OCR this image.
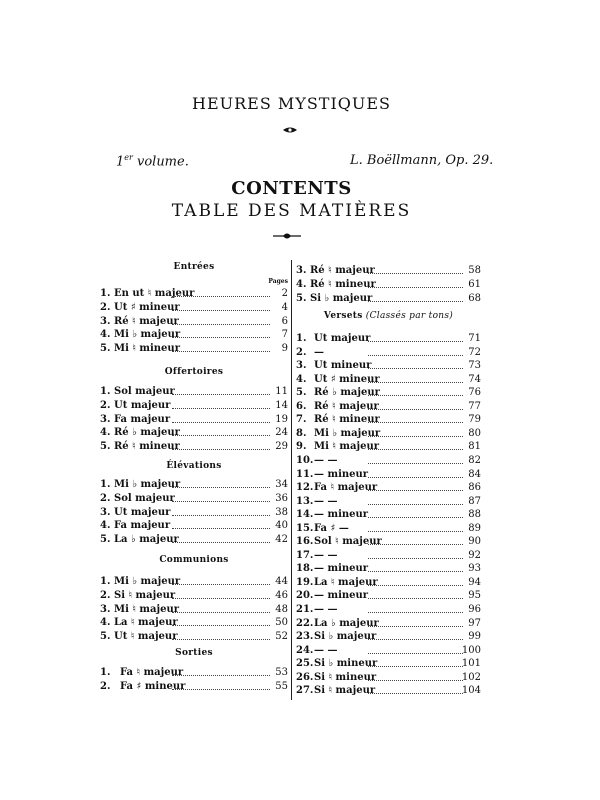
HEURES MYSTIQUES
1er volume.	L. Boëllmann, Op. 29.
CONTENTS
TABLE DES MATIÈRES
Entrées
1. En ut ♮ majeur	2
2. Ut ♯ mineur	4
3. Ré ♮ majeur	6
4. Mi ♭ majeur	7
5. Mi ♮ mineur	9
Offertoires
1. Sol majeur	11
2. Ut majeur	14
3. Fa majeur	19
4. Ré ♭ majeur	24
5. Ré ♮ mineur	29
Élévations
1. Mi ♭ majeur	34
2. Sol majeur	36
3. Ut majeur	38
4. Fa majeur	40
5. La ♭ majeur	42
Communions
1. Mi ♭ majeur	44
2. Si ♮ majeur	46
3. Mi ♮ majeur	48
4. La ♮ majeur	50
5. Ut ♮ majeur	52
Sorties
1. Fa ♮ majeur	53
2. Fa ♯ mineur	55
Pages
3. Ré ♮ majeur	58
4. Ré ♮ mineur	61
5. Si ♭ majeur	68
Versets (Classés par tons)
1. Ut majeur	71
2. —	72
3. Ut mineur	73
4. Ut ♯ mineur	74
5. Ré ♭ majeur	76
6. Ré ♮ majeur	77
7. Ré ♮ mineur	79
8. Mi ♭ majeur	80
9. Mi ♮ majeur	81
10. — —	82
11. — mineur	84
12. Fa ♮ majeur	86
13. — —	87
14. — mineur	88
15. Fa ♯ —	89
16. Sol ♮ majeur	90
17. — —	92
18. — mineur	93
19. La ♮ majeur	94
20. — mineur	95
21. — —	96
22. La ♭ majeur	97
23. Si ♭ majeur	99
24. — —	100
25. Si ♭ mineur	101
26. Si ♮ mineur	102
27. Si ♮ majeur	104
